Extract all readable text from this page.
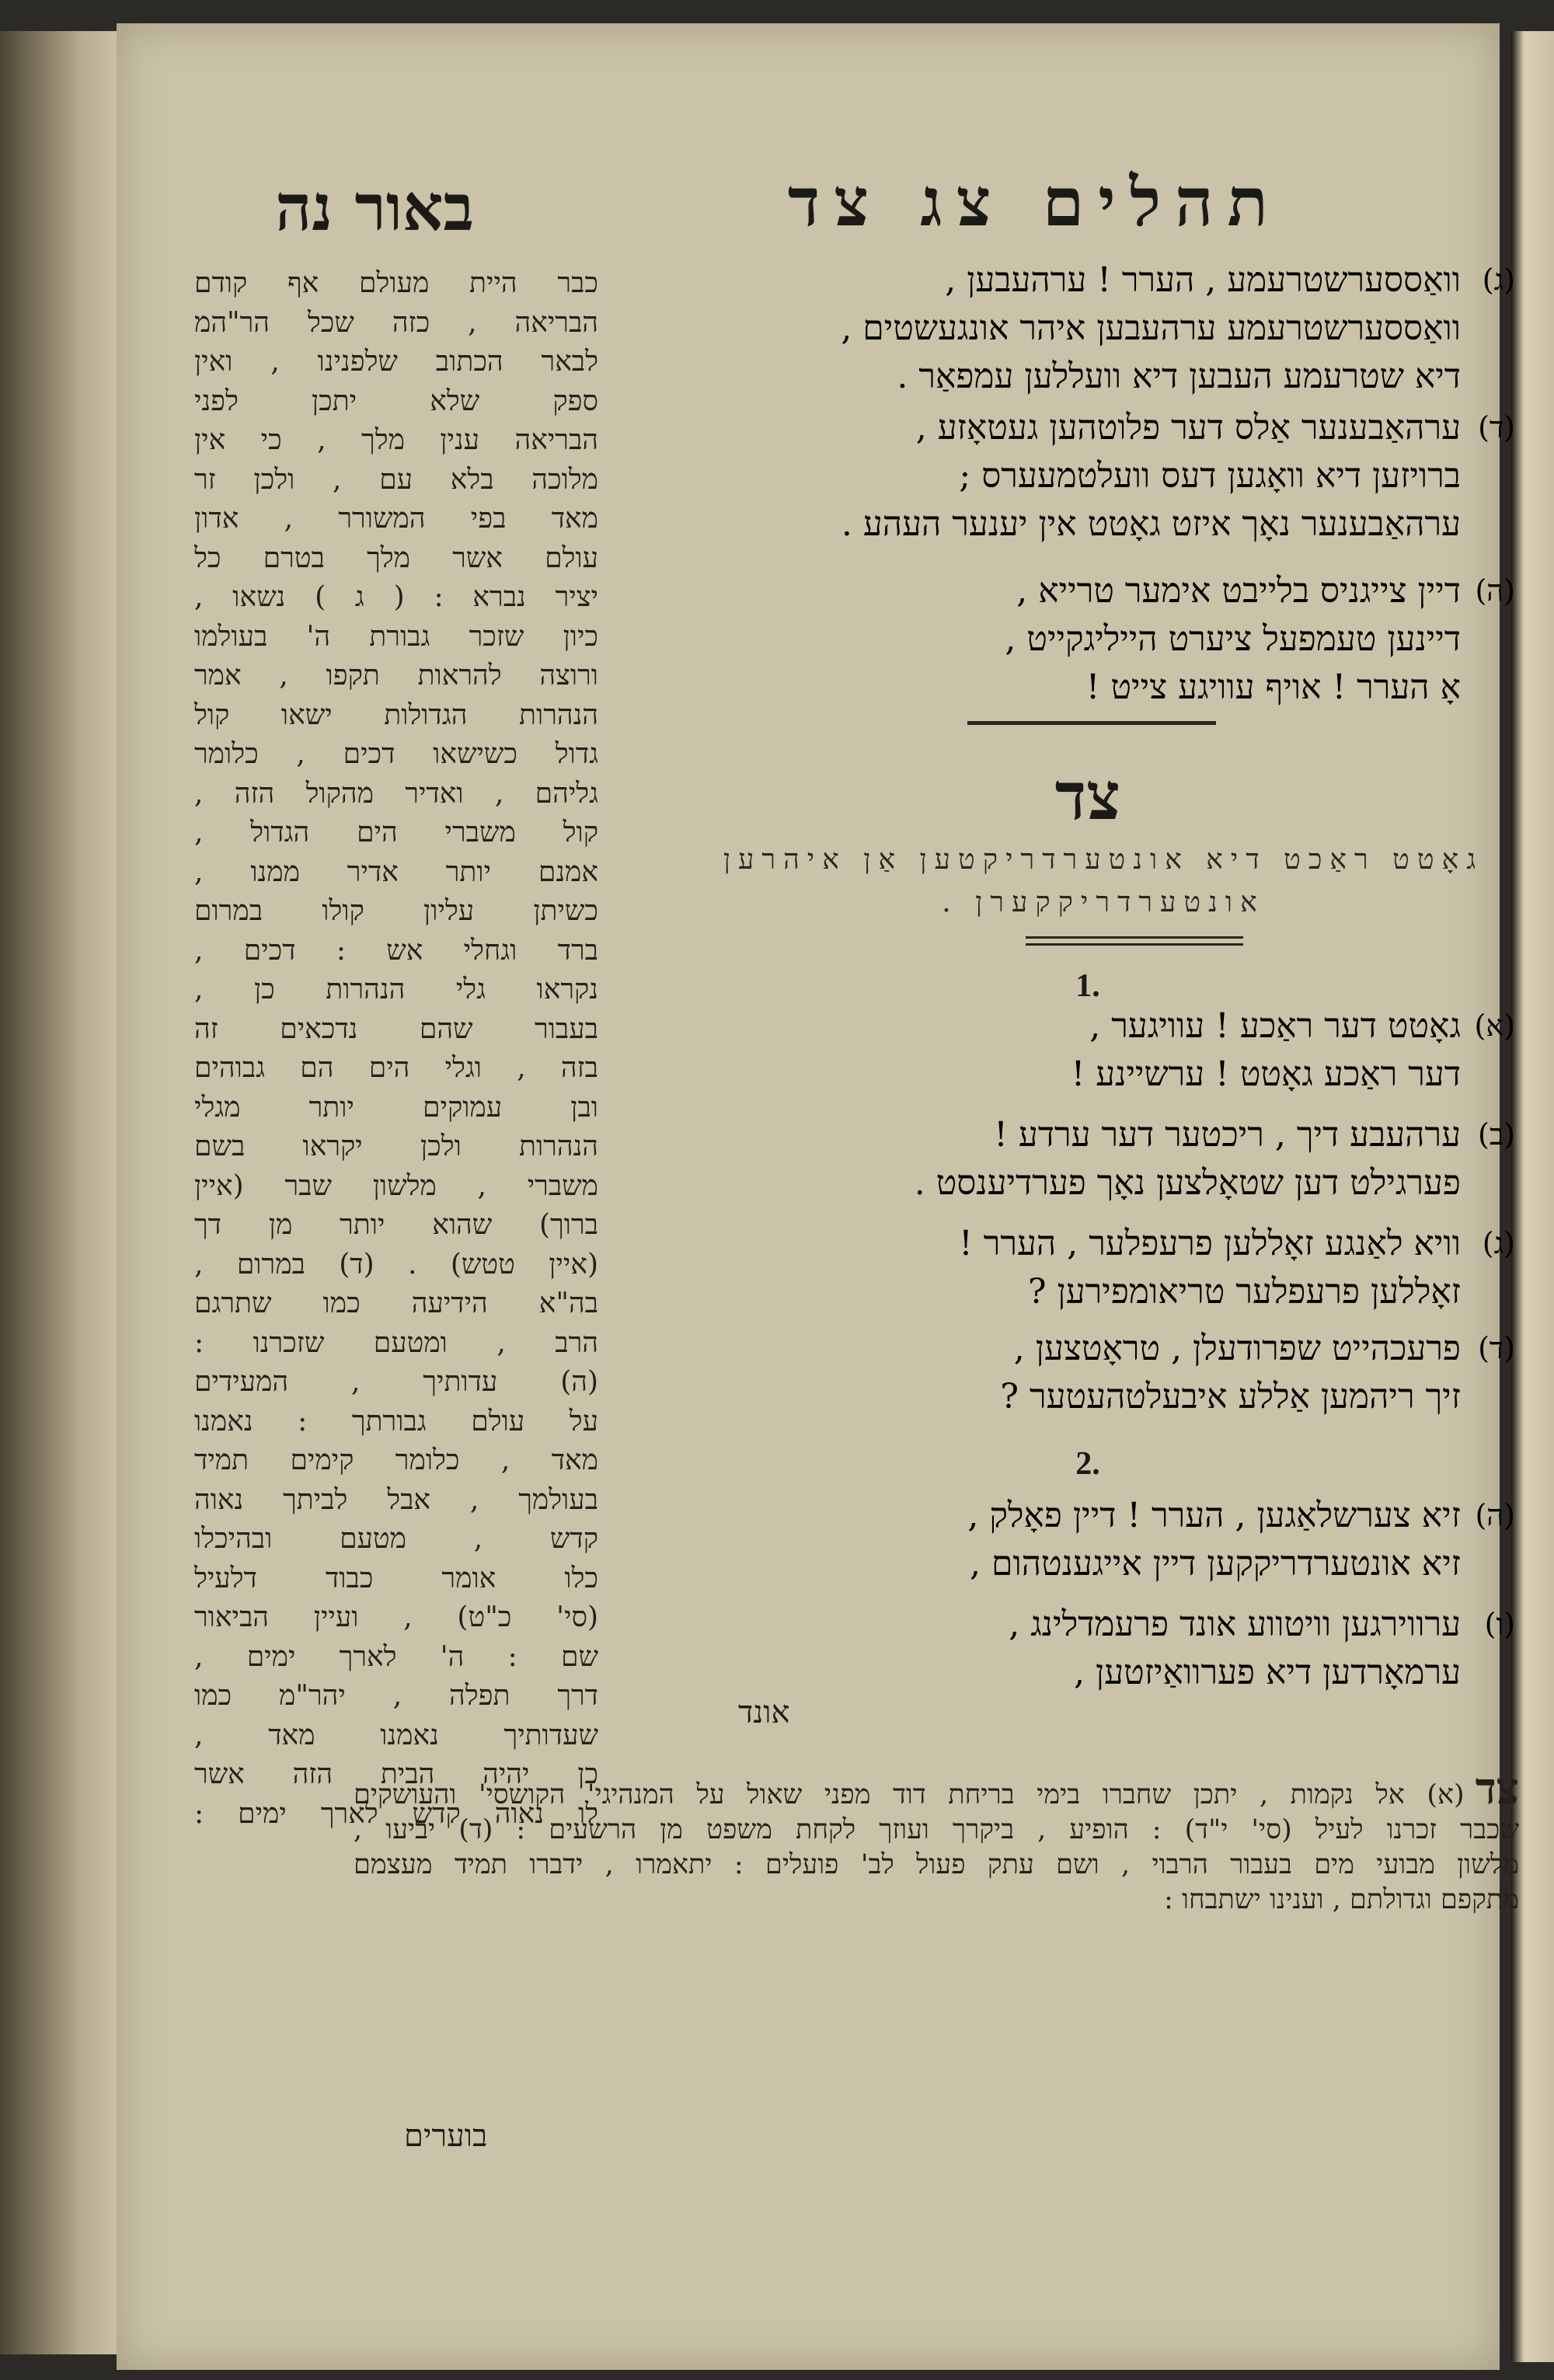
תהלים צג צד
באור נה
כבר היית מעולם אף קודם
הבריאה , כזה שכל הר"המ
לבאר הכתוב שלפנינו , ואין
ספק שלא יתכן לפני
הבריאה ענין מלך , כי אין
מלוכה בלא עם , ולכן זר
מאד בפי המשורר , אדון
עולם אשר מלך בטרם כל
יציר נברא : ( ג ) נשאו ,
כיון שזכר גבורת ה' בעולמו
ורוצה להראות תקפו , אמר
הנהרות הגדולות ישאו קול
גדול כשישאו דכים , כלומר
גליהם , ואדיר מהקול הזה ,
קול משברי הים הגדול ,
אמנם יותר אדיר ממנו ,
כשיתן עליון קולו במרום
ברד וגחלי אש : דכים ,
נקראו גלי הנהרות כן ,
בעבור שהם נדכאים זה
בזה , וגלי הים הם גבוהים
ובן עמוקים יותר מגלי
הנהרות ולכן יקראו בשם
משברי , מלשון שבר (איין
ברוך) שהוא יותר מן דך
(איין טטש) . (ד) במרום ,
בה"א הידיעה כמו שתרגם
הרב , ומטעם שזכרנו :
(ה) עדותיך , המעידים
על עולם גבורתך : נאמנו
מאד , כלומר קימים תמיד
בעולמך , אבל לביתך נאוה
קדש , מטעם ובהיכלו
כלו אומר כבוד דלעיל
(סי' כ"ט) , ועיין הביאור
שם : ה' לארך ימים ,
דרך תפלה , יהר"מ כמו
שעדותיך נאמנו מאד ,
כן יהיה הבית הזה אשר
לו נאוה קדש לארך ימים :
(ג)
וואַססערשטרעמע , הערר ! ערהעבען ,
וואַססערשטרעמע ערהעבען איהר אונגעשטים ,
דיא שטרעמע העבען דיא וועללען עמפאַר .
(ד)
ערהאַבענער אַלס דער פלוטהען געטאָזע ,
ברויזען דיא וואָגען דעס וועלטמעערס ;
ערהאַבענער נאָך איזט גאָטט אין יענער העהע .
(ה)
דיין צייגניס בלייבט אימער טרייא ,
דיינען טעמפעל ציערט הייליגקייט ,
אָ הערר ! אויף עוויגע צייט !
צד
גאָטט ראַכט דיא אונטערדריקטען אַן איהרען
אונטערדריקקערן .
1.
2.
(א)
גאָטט דער ראַכע ! עוויגער ,
דער ראַכע גאָטט ! ערשיינע !
(ב)
ערהעבע דיך , ריכטער דער ערדע !
פערגילט דען שטאָלצען נאָך פערדיענסט .
(ג)
וויא לאַנגע זאָללען פרעפלער , הערר !
זאָללען פרעפלער טריאומפירען ?
(ד)
פרעכהייט שפרודעלן , טראָטצען ,
זיך ריהמען אַללע איבעלטהעטער ?
(ה)
זיא צערשלאַגען , הערר ! דיין פאָלק ,
זיא אונטערדריקקען דיין אייגענטהום ,
(ו)
ערווירגען וויטווע אונד פרעמדלינג ,
ערמאָרדען דיא פערוואַיזטען ,
אונד
צד(א) אל נקמות , יתכן שחברו בימי בריחת דוד מפני שאול על המנהיגי' הקושסי' והעושקים
שכבר זכרנו לעיל (סי' י"ד) : הופיע , ביקרך ועוזך לקחת משפט מן הרשעים : (ד) יביעו ,
מלשון מבועי מים בעבור הרבוי , ושם עתק פעול לב' פועלים : יתאמרו , ידברו תמיד מעצמם
מתקפם וגדולתם , וענינו ישתבחו :
בוערים
